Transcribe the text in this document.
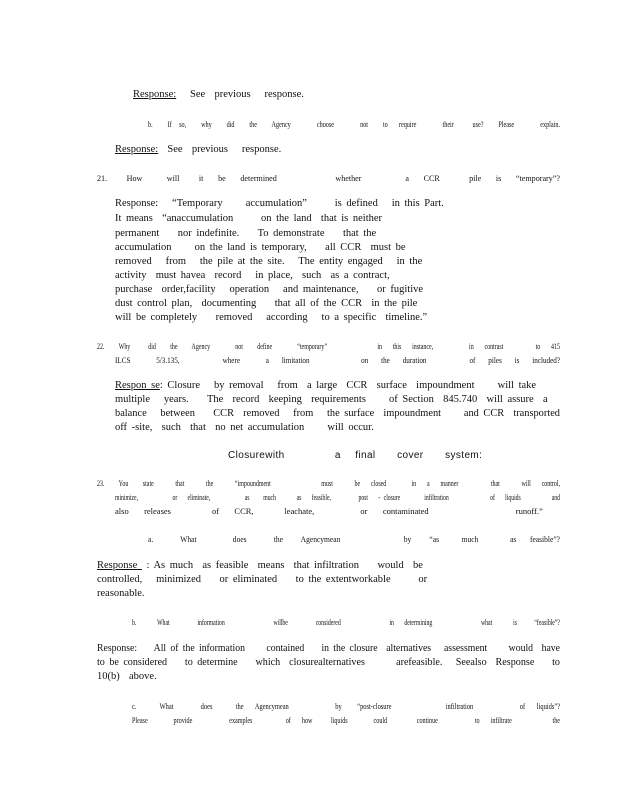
Response:   See  previous   response.
b.    If  so,    why    did    the    Agency       choose       not    to   require       their     use?    Please       explain.
Response:  See  previous   response.
21.    How     will    it   be   determined            whether         a   CCR      pile   is   “temporary”?
Response:   “Temporary     accumulation”      is defined   in this Part.
It means  “anaccumulation      on the land  that is neither
permanent    nor indefinite.    To demonstrate    that the
accumulation     on the land is temporary,    all CCR  must be
removed   from   the pile at the site.   The entity engaged   in the
activity  must havea  record   in place,  such  as a contract,
purchase  order,facility   operation   and maintenance,    or fugitive
dust control plan,  documenting    that all of the CCR  in the pile
will be completely    removed   according   to a specific  timeline.”
22.    Why     did    the    Agency       not    define       “temporary”              in   this   instance,          in   contrast         to   415
ILCS      5/3.135,          where      a   limitation            on   the   duration          of   piles   is   included?
Respon se: Closure   by removal   from  a large  CCR  surface  impoundment     will take
multiple   years.    The  record  keeping  requirements     of Section  845.740  will assure  a
balance   between    CCR  removed   from   the surface  impoundment     and CCR  transported
off -site,  such  that  no net accumulation     will occur.
Closurewith       a  final   cover   system:
23.    You    state      that      the      “impoundment              must      be   closed       in   a   manner         that      will   control,
minimize,          or   eliminate,          as    much      as   feasible,        post   - closure       infiltration            of   liquids         and
also   releases        of   CCR,      leachate,         or   contaminated                 runoff.”
a.      What        does      the    Agencymean              by    “as     much       as   feasible”?
Response  : As much  as feasible  means  that infiltration    would  be
controlled,   minimized    or eliminated    to the extentworkable      or
reasonable.
b.      What        information              willbe        considered              in   determining              what      is     “feasible”?
Response:    All of the information     contained    in the closure  alternatives   assessment     would  have
to be considered    to determine    which  closurealternatives       arefeasible.   Seealso  Response    to
10(b)  above.
c.      What       does      the   Agencymean            by    “post-closure              infiltration            of   liquids”?
Please       provide          examples         of   how     liquids       could        continue          to   infiltrate           the
